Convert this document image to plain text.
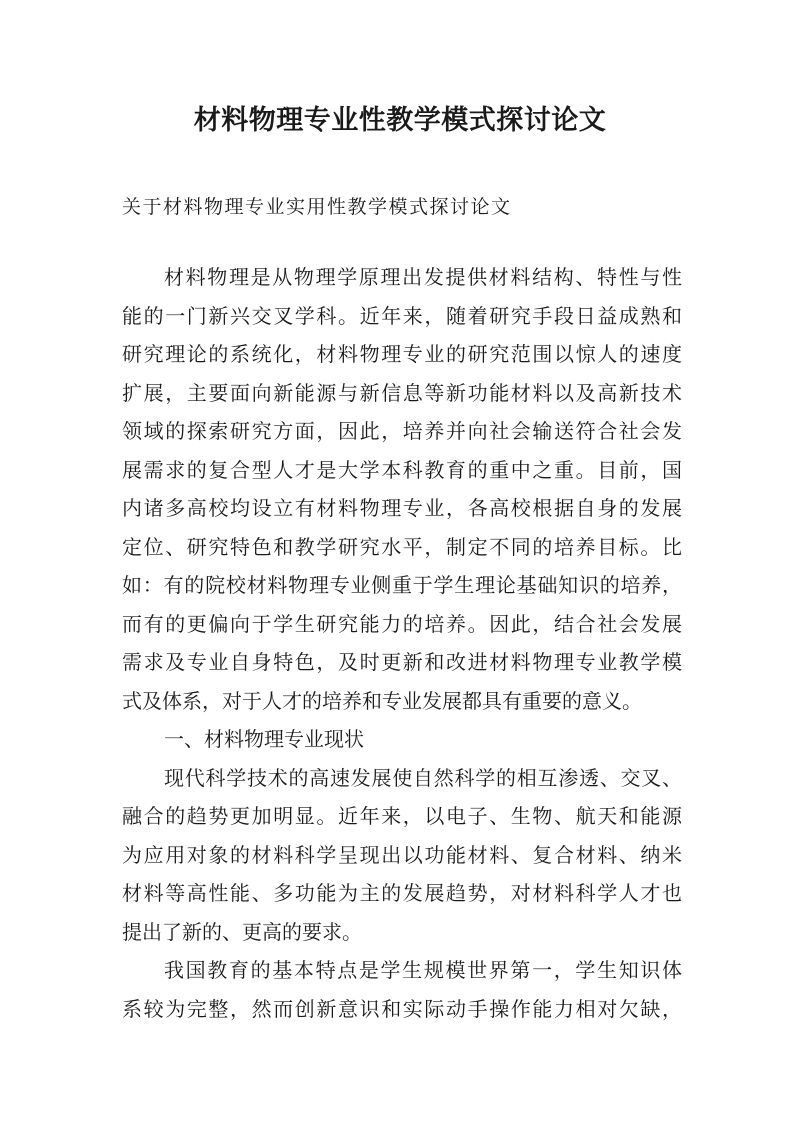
材料物理专业性教学模式探讨论文

关于材料物理专业实用性教学模式探讨论文

材料物理是从物理学原理出发提供材料结构、特性与性
能的一门新兴交叉学科。近年来，随着研究手段日益成熟和
研究理论的系统化，材料物理专业的研究范围以惊人的速度
扩展，主要面向新能源与新信息等新功能材料以及高新技术
领域的探索研究方面，因此，培养并向社会输送符合社会发
展需求的复合型人才是大学本科教育的重中之重。目前，国
内诸多高校均设立有材料物理专业，各高校根据自身的发展
定位、研究特色和教学研究水平，制定不同的培养目标。比
如：有的院校材料物理专业侧重于学生理论基础知识的培养，
而有的更偏向于学生研究能力的培养。因此，结合社会发展
需求及专业自身特色，及时更新和改进材料物理专业教学模
式及体系，对于人才的培养和专业发展都具有重要的意义。
一、材料物理专业现状
现代科学技术的高速发展使自然科学的相互渗透、交叉、
融合的趋势更加明显。近年来，以电子、生物、航天和能源
为应用对象的材料科学呈现出以功能材料、复合材料、纳米
材料等高性能、多功能为主的发展趋势，对材料科学人才也
提出了新的、更高的要求。
我国教育的基本特点是学生规模世界第一，学生知识体
系较为完整，然而创新意识和实际动手操作能力相对欠缺，
